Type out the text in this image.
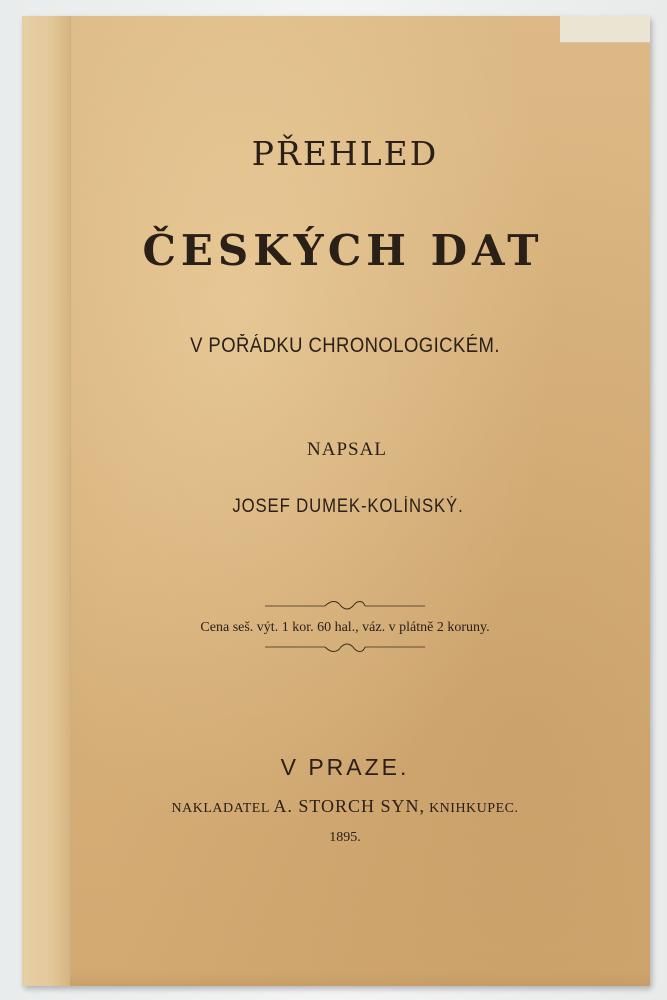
PŘEHLED
ČESKÝCH DAT
V POŘÁDKU CHRONOLOGICKÉM.
NAPSAL
JOSEF DUMEK-KOLÍNSKÝ.
Cena seš. výt. 1 kor. 60 hal., váz. v plátně 2 koruny.
V PRAZE.
NAKLADATEL A. STORCH SYN, KNIHKUPEC.
1895.
